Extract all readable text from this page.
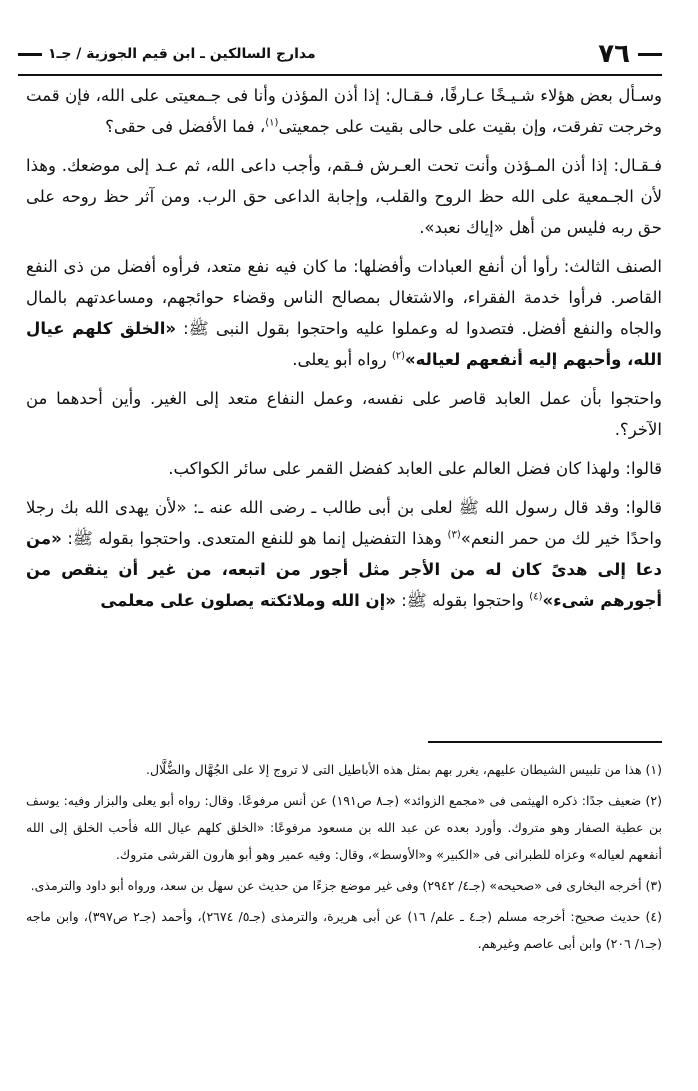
٧٦
مدارج السالكين ـ ابن قيم الجوزية / جـ١

وسـأل بعض هؤلاء شـيـخًا عـارفًا، فـقـال: إذا أذن المؤذن وأنا فى جـمعيتى على الله، فإن قمت وخرجت تفرقت، وإن بقيت على حالى بقيت على جمعيتى$^{(١)}$، فما الأفضل فى حقى؟

فـقـال: إذا أذن المـؤذن وأنت تحت العـرش فـقم، وأجب داعى الله، ثم عـد إلى موضعك. وهذا لأن الجـمعية على الله حظ الروح والقلب، وإجابة الداعى حق الرب. ومن آثر حظ روحه على حق ربه فليس من أهل «إياك نعبد».

الصنف الثالث: رأوا أن أنفع العبادات وأفضلها: ما كان فيه نفع متعد، فرأوه أفضل من ذى النفع القاصر. فرأوا خدمة الفقراء، والاشتغال بمصالح الناس وقضاء حوائجهم، ومساعدتهم بالمال والجاه والنفع أفضل. فتصدوا له وعملوا عليه واحتجوا بقول النبى ﷺ: «الخلق كلهم عيال الله، وأحبهم إليه أنفعهم لعياله»$^{(٢)}$ رواه أبو يعلى.

واحتجوا بأن عمل العابد قاصر على نفسه، وعمل النفاع متعد إلى الغير. وأين أحدهما من الآخر؟.

قالوا: ولهذا كان فضل العالم على العابد كفضل القمر على سائر الكواكب.

قالوا: وقد قال رسول الله ﷺ لعلى بن أبى طالب ـ رضى الله عنه ـ: «لأن يهدى الله بك رجلا واحدًا خير لك من حمر النعم»$^{(٣)}$ وهذا التفضيل إنما هو للنفع المتعدى. واحتجوا بقوله ﷺ: «من دعا إلى هدىً كان له من الأجر مثل أجور من اتبعه، من غير أن ينقص من أجورهم شىء»$^{(٤)}$ واحتجوا بقوله ﷺ: «إن الله وملائكته يصلون على معلمى

(١) هذا من تلبيس الشيطان عليهم، يغرر بهم بمثل هذه الأباطيل التى لا تروج إلا على الجُهَّال والضُّلَّال.
(٢) ضعيف جدًا: ذكره الهيثمى فى «مجمع الزوائد» (جـ٨ ص١٩١) عن أنس مرفوعًا. وقال: رواه أبو يعلى والبزار وفيه: يوسف بن عطية الصفار وهو متروك. وأورد بعده عن عبد الله بن مسعود مرفوعًا: «الخلق كلهم عيال الله فأحب الخلق إلى الله أنفعهم لعياله» وعزاه للطبرانى فى «الكبير» و«الأوسط»، وقال: وفيه عمير وهو أبو هارون القرشى متروك.
(٣) أخرجه البخارى فى «صحيحه» (جـ٤/ ٢٩٤٢) وفى غير موضع جزءًا من حديث عن سهل بن سعد، ورواه أبو داود والترمذى.
(٤) حديث صحيح: أخرجه مسلم (جـ٤ ـ علم/ ١٦) عن أبى هريرة، والترمذى (جـ٥/ ٢٦٧٤)، وأحمد (جـ٢ ص٣٩٧)، وابن ماجه (جـ١/ ٢٠٦) وابن أبى عاصم وغيرهم.
